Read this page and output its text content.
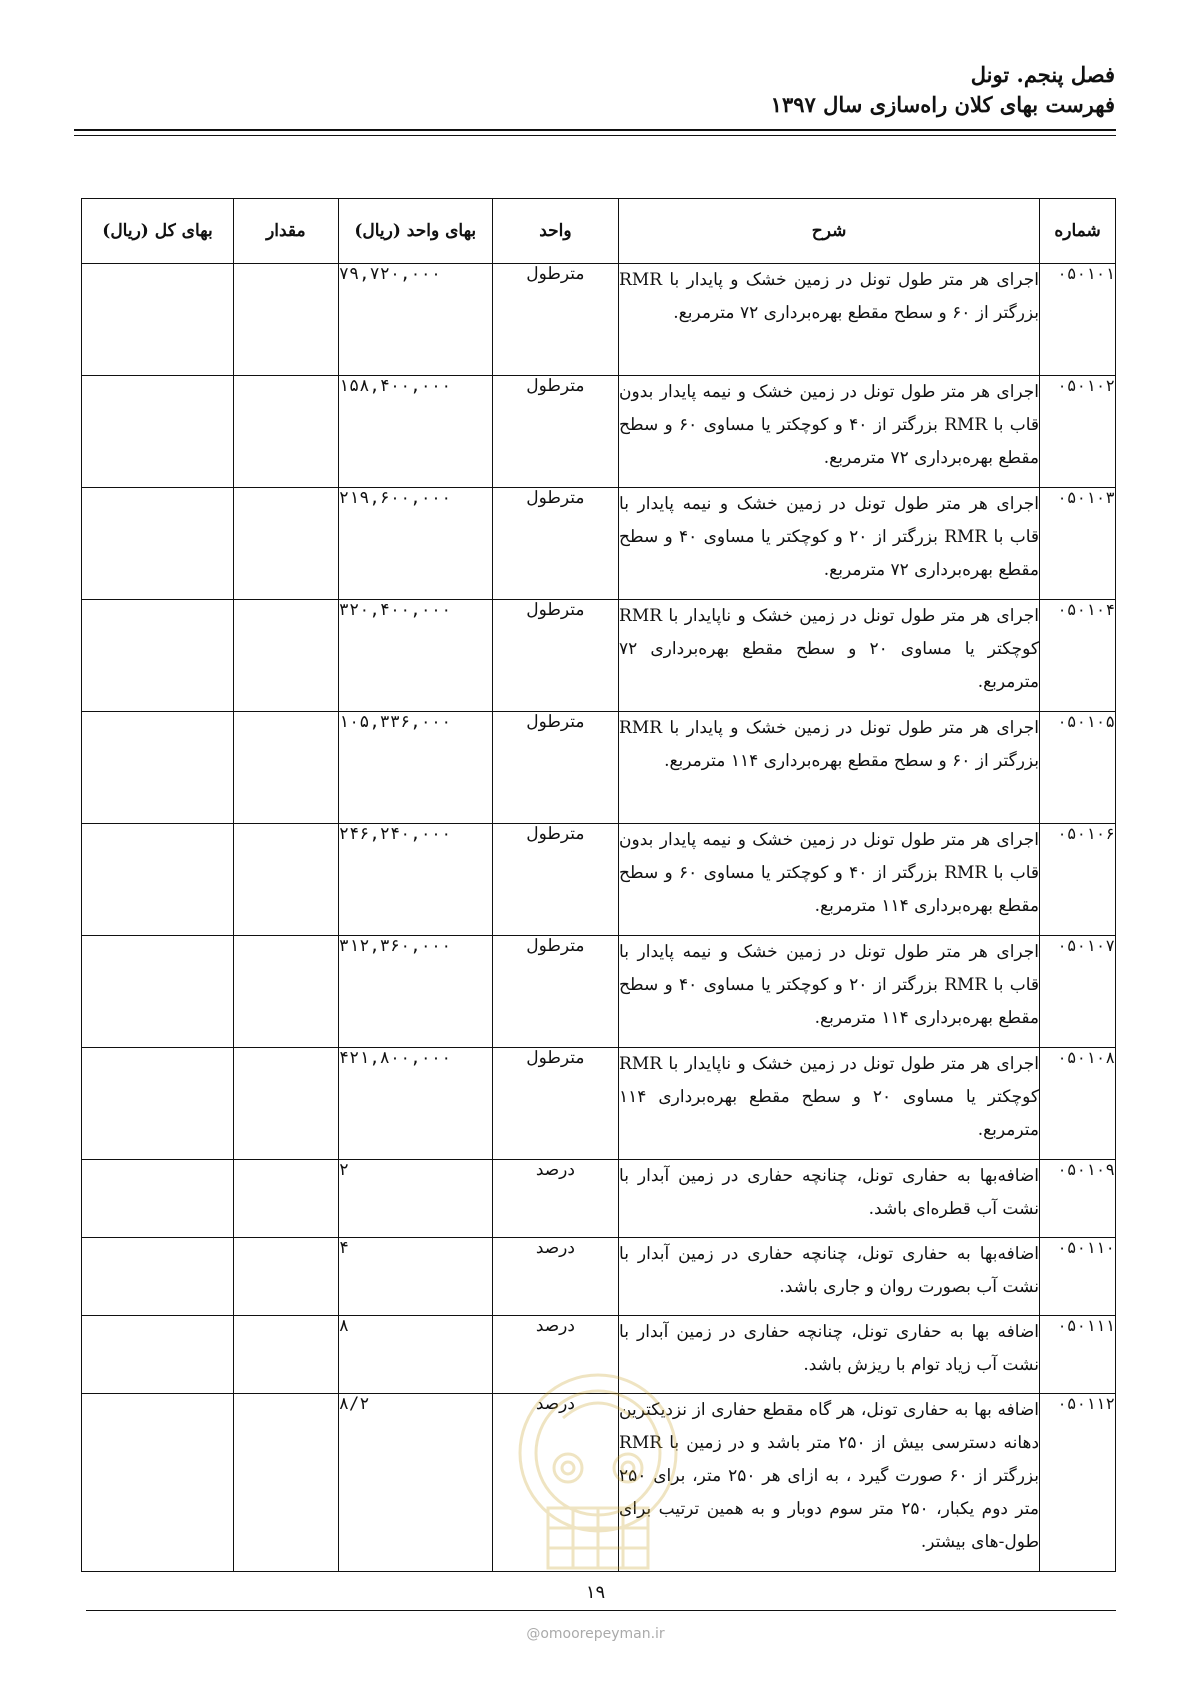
فصل پنجم. تونل
فهرست بهای کلان راه‌سازی سال ۱۳۹۷
شماره	شرح	واحد	بهای واحد (ریال)	مقدار	بهای کل (ریال)
۰۵۰۱۰۱	اجرای هر متر طول تونل در زمین خشک و پایدار با RMR بزرگتر از ۶۰ و سطح مقطع بهره‌برداری ۷۲ مترمربع.	مترطول	۷۹,۷۲۰,۰۰۰		
۰۵۰۱۰۲	اجرای هر متر طول تونل در زمین خشک و نیمه پایدار بدون قاب با RMR بزرگتر از ۴۰ و کوچکتر یا مساوی ۶۰ و سطح مقطع بهره‌برداری ۷۲ مترمربع.	مترطول	۱۵۸,۴۰۰,۰۰۰		
۰۵۰۱۰۳	اجرای هر متر طول تونل در زمین خشک و نیمه پایدار با قاب با RMR بزرگتر از ۲۰ و کوچکتر یا مساوی ۴۰ و سطح مقطع بهره‌برداری ۷۲ مترمربع.	مترطول	۲۱۹,۶۰۰,۰۰۰		
۰۵۰۱۰۴	اجرای هر متر طول تونل در زمین خشک و ناپایدار با RMR کوچکتر یا مساوی ۲۰ و سطح مقطع بهره‌برداری ۷۲ مترمربع.	مترطول	۳۲۰,۴۰۰,۰۰۰		
۰۵۰۱۰۵	اجرای هر متر طول تونل در زمین خشک و پایدار با RMR بزرگتر از ۶۰ و سطح مقطع بهره‌برداری ۱۱۴ مترمربع.	مترطول	۱۰۵,۳۳۶,۰۰۰		
۰۵۰۱۰۶	اجرای هر متر طول تونل در زمین خشک و نیمه پایدار بدون قاب با RMR بزرگتر از ۴۰ و کوچکتر یا مساوی ۶۰ و سطح مقطع بهره‌برداری ۱۱۴ مترمربع.	مترطول	۲۴۶,۲۴۰,۰۰۰		
۰۵۰۱۰۷	اجرای هر متر طول تونل در زمین خشک و نیمه پایدار با قاب با RMR بزرگتر از ۲۰ و کوچکتر یا مساوی ۴۰ و سطح مقطع بهره‌برداری ۱۱۴ مترمربع.	مترطول	۳۱۲,۳۶۰,۰۰۰		
۰۵۰۱۰۸	اجرای هر متر طول تونل در زمین خشک و ناپایدار با RMR کوچکتر یا مساوی ۲۰ و سطح مقطع بهره‌برداری ۱۱۴ مترمربع.	مترطول	۴۲۱,۸۰۰,۰۰۰		
۰۵۰۱۰۹	اضافه‌بها به حفاری تونل، چنانچه حفاری در زمین آبدار با نشت آب قطره‌ای باشد.	درصد	۲		
۰۵۰۱۱۰	اضافه‌بها به حفاری تونل، چنانچه حفاری در زمین آبدار با نشت آب بصورت روان و جاری باشد.	درصد	۴		
۰۵۰۱۱۱	اضافه بها به حفاری تونل، چنانچه حفاری در زمین آبدار با نشت آب زیاد توام با ریزش باشد.	درصد	۸		
۰۵۰۱۱۲	اضافه بها به حفاری تونل، هر گاه مقطع حفاری از نزدیکترین دهانه دسترسی بیش از ۲۵۰ متر باشد و در زمین با RMR بزرگتر از ۶۰ صورت گیرد ، به ازای هر ۲۵۰ متر، برای ۲۵۰ متر دوم یکبار، ۲۵۰ متر سوم دوبار و به همین ترتیب برای طول‌-های بیشتر.	درصد	۸/۲		
۱۹
@omoorepeyman.ir
